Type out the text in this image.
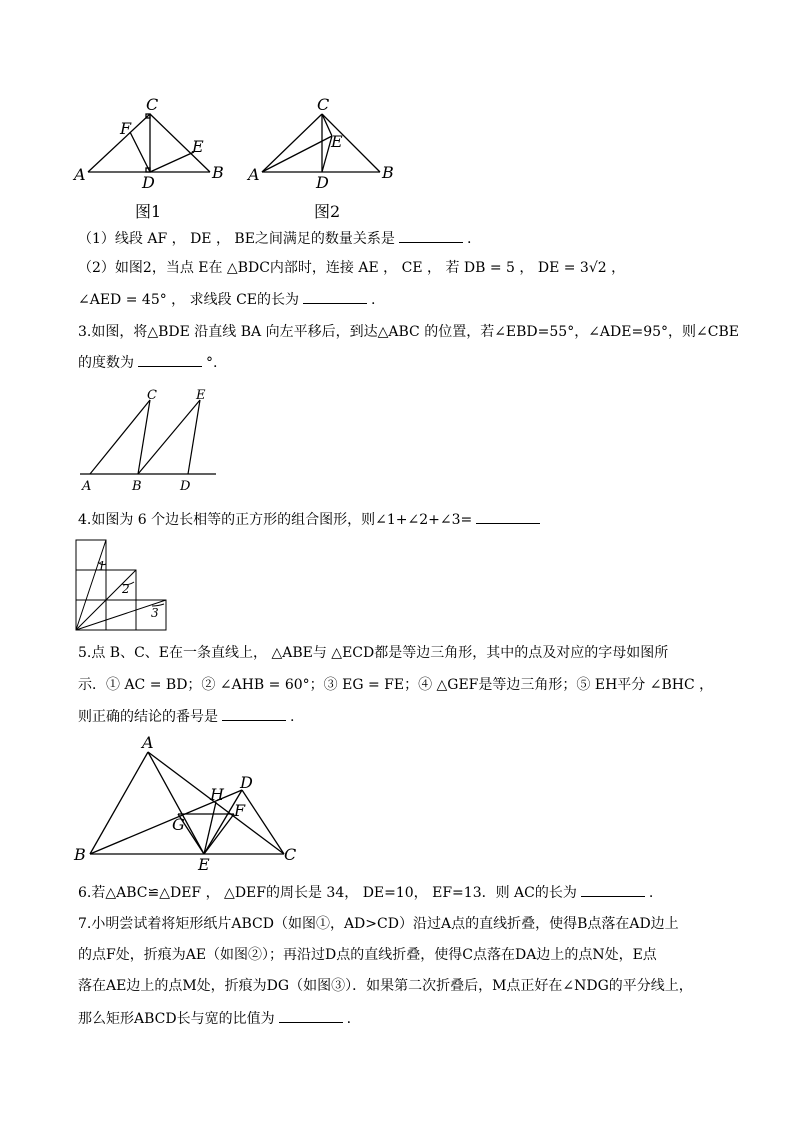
C
F
E
A	D
B
图1
C
E
A	D
B
图2
（1）线段 AF ， DE ， BE之间满足的数量关系是	.
（2）如图2，当点 E在 △BDC内部时，连接 AE ， CE ， 若 DB = 5 ， DE = 3√2 ，
∠AED = 45° ， 求线段 CE的长为	.
3.如图，将△BDE 沿直线 BA 向左平移后，到达△ABC 的位置，若∠EBD=55°，∠ADE=95°，则∠CBE
的度数为	°.
C	E
A	B	D
4.如图为 6 个边长相等的正方形的组合图形，则∠1+∠2+∠3=
1
2
3
5.点 B、C、E在一条直线上， △ABE与 △ECD都是等边三角形，其中的点及对应的字母如图所
示．① AC = BD；② ∠AHB = 60°；③ EG = FE；④ △GEF是等边三角形；⑤ EH平分 ∠BHC ，
则正确的结论的番号是	.
A
D
H
F
G
B
E
C
6.若△ABC≌△DEF ， △DEF的周长是 34， DE=10， EF=13．则 AC的长为	.
7.小明尝试着将矩形纸片ABCD（如图①，AD>CD）沿过A点的直线折叠，使得B点落在AD边上
的点F处，折痕为AE（如图②）；再沿过D点的直线折叠，使得C点落在DA边上的点N处，E点
落在AE边上的点M处，折痕为DG（如图③）．如果第二次折叠后，M点正好在∠NDG的平分线上，
那么矩形ABCD长与宽的比值为	.
